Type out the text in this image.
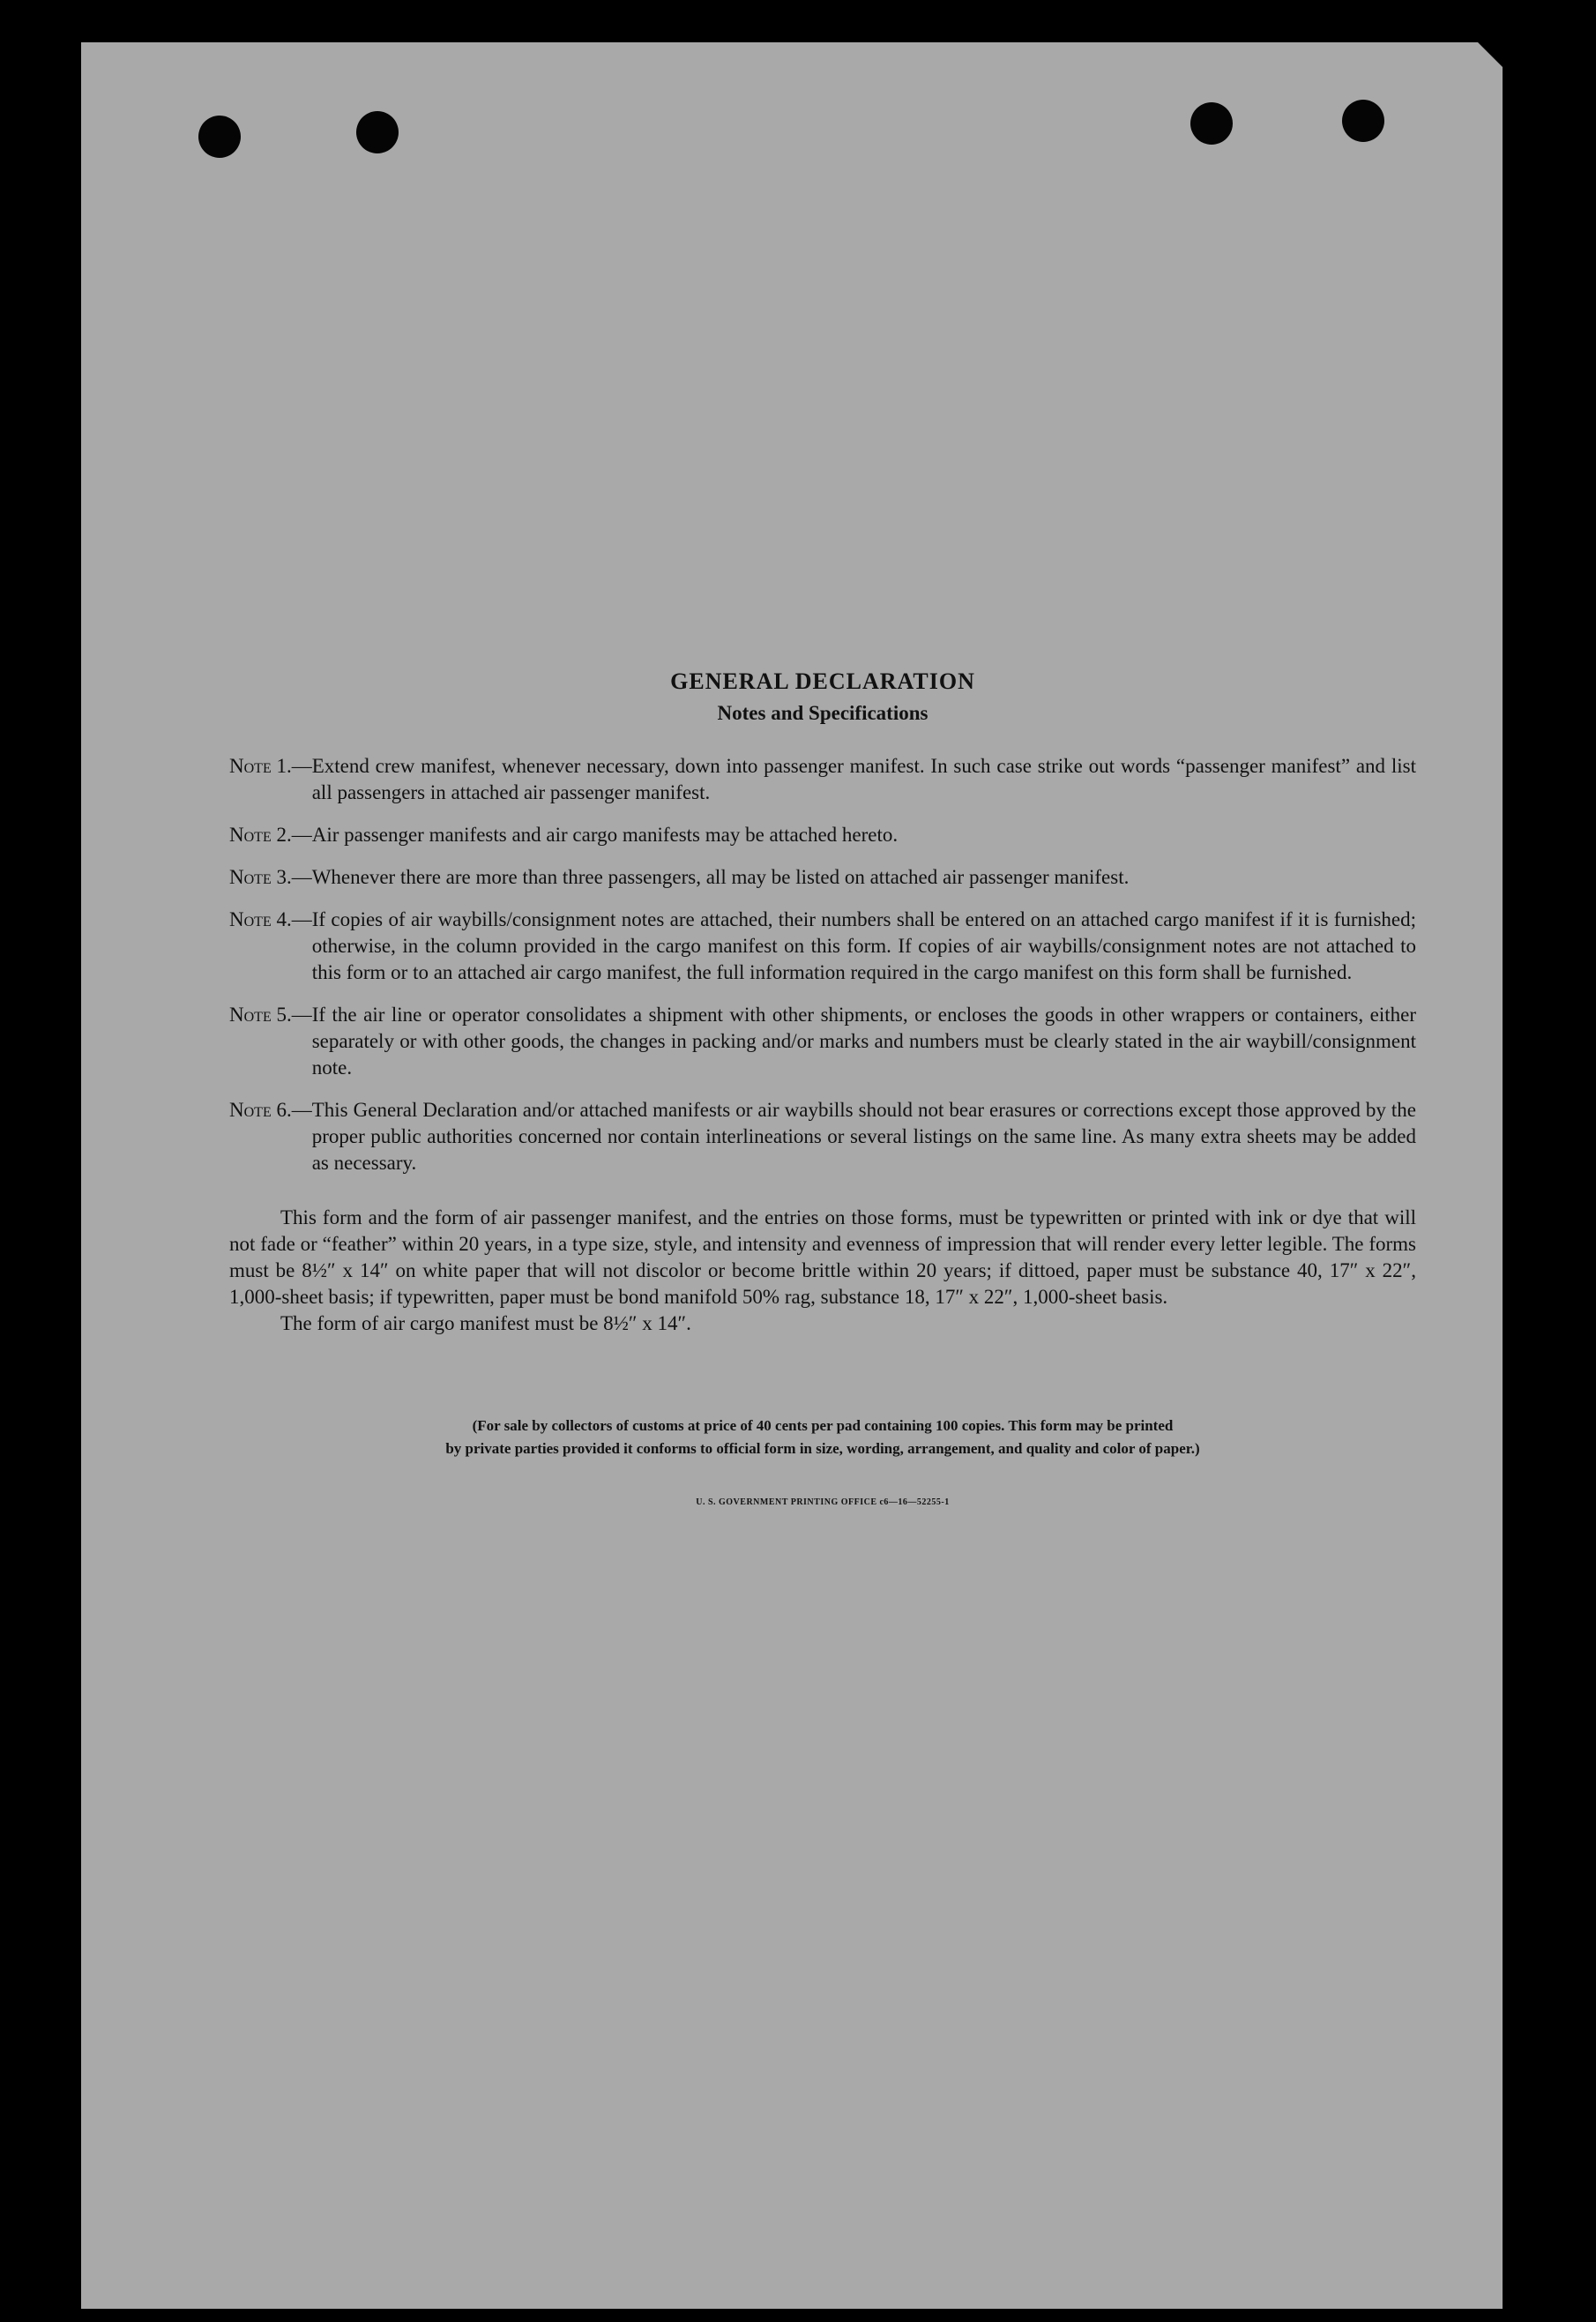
GENERAL DECLARATION
Notes and Specifications
Note 1. — Extend crew manifest, whenever necessary, down into passenger manifest. In such case strike out words “passenger manifest” and list all passengers in attached air passenger manifest.
Note 2. — Air passenger manifests and air cargo manifests may be attached hereto.
Note 3. — Whenever there are more than three passengers, all may be listed on attached air passenger manifest.
Note 4. — If copies of air waybills/consignment notes are attached, their numbers shall be entered on an attached cargo manifest if it is furnished; otherwise, in the column provided in the cargo manifest on this form. If copies of air waybills/consignment notes are not attached to this form or to an attached air cargo manifest, the full information required in the cargo manifest on this form shall be furnished.
Note 5. — If the air line or operator consolidates a shipment with other shipments, or encloses the goods in other wrappers or containers, either separately or with other goods, the changes in packing and/or marks and numbers must be clearly stated in the air waybill/consignment note.
Note 6. — This General Declaration and/or attached manifests or air waybills should not bear erasures or corrections except those approved by the proper public authorities concerned nor contain interlineations or several listings on the same line. As many extra sheets may be added as necessary.
This form and the form of air passenger manifest, and the entries on those forms, must be typewritten or printed with ink or dye that will not fade or “feather” within 20 years, in a type size, style, and intensity and evenness of impression that will render every letter legible. The forms must be 8½″ x 14″ on white paper that will not discolor or become brittle within 20 years; if dittoed, paper must be substance 40, 17″ x 22″, 1,000-sheet basis; if typewritten, paper must be bond manifold 50% rag, substance 18, 17″ x 22″, 1,000-sheet basis.
The form of air cargo manifest must be 8½″ x 14″.
(For sale by collectors of customs at price of 40 cents per pad containing 100 copies. This form may be printed
by private parties provided it conforms to official form in size, wording, arrangement, and quality and color of paper.)
U. S. GOVERNMENT PRINTING OFFICE c6—16—52255-1
